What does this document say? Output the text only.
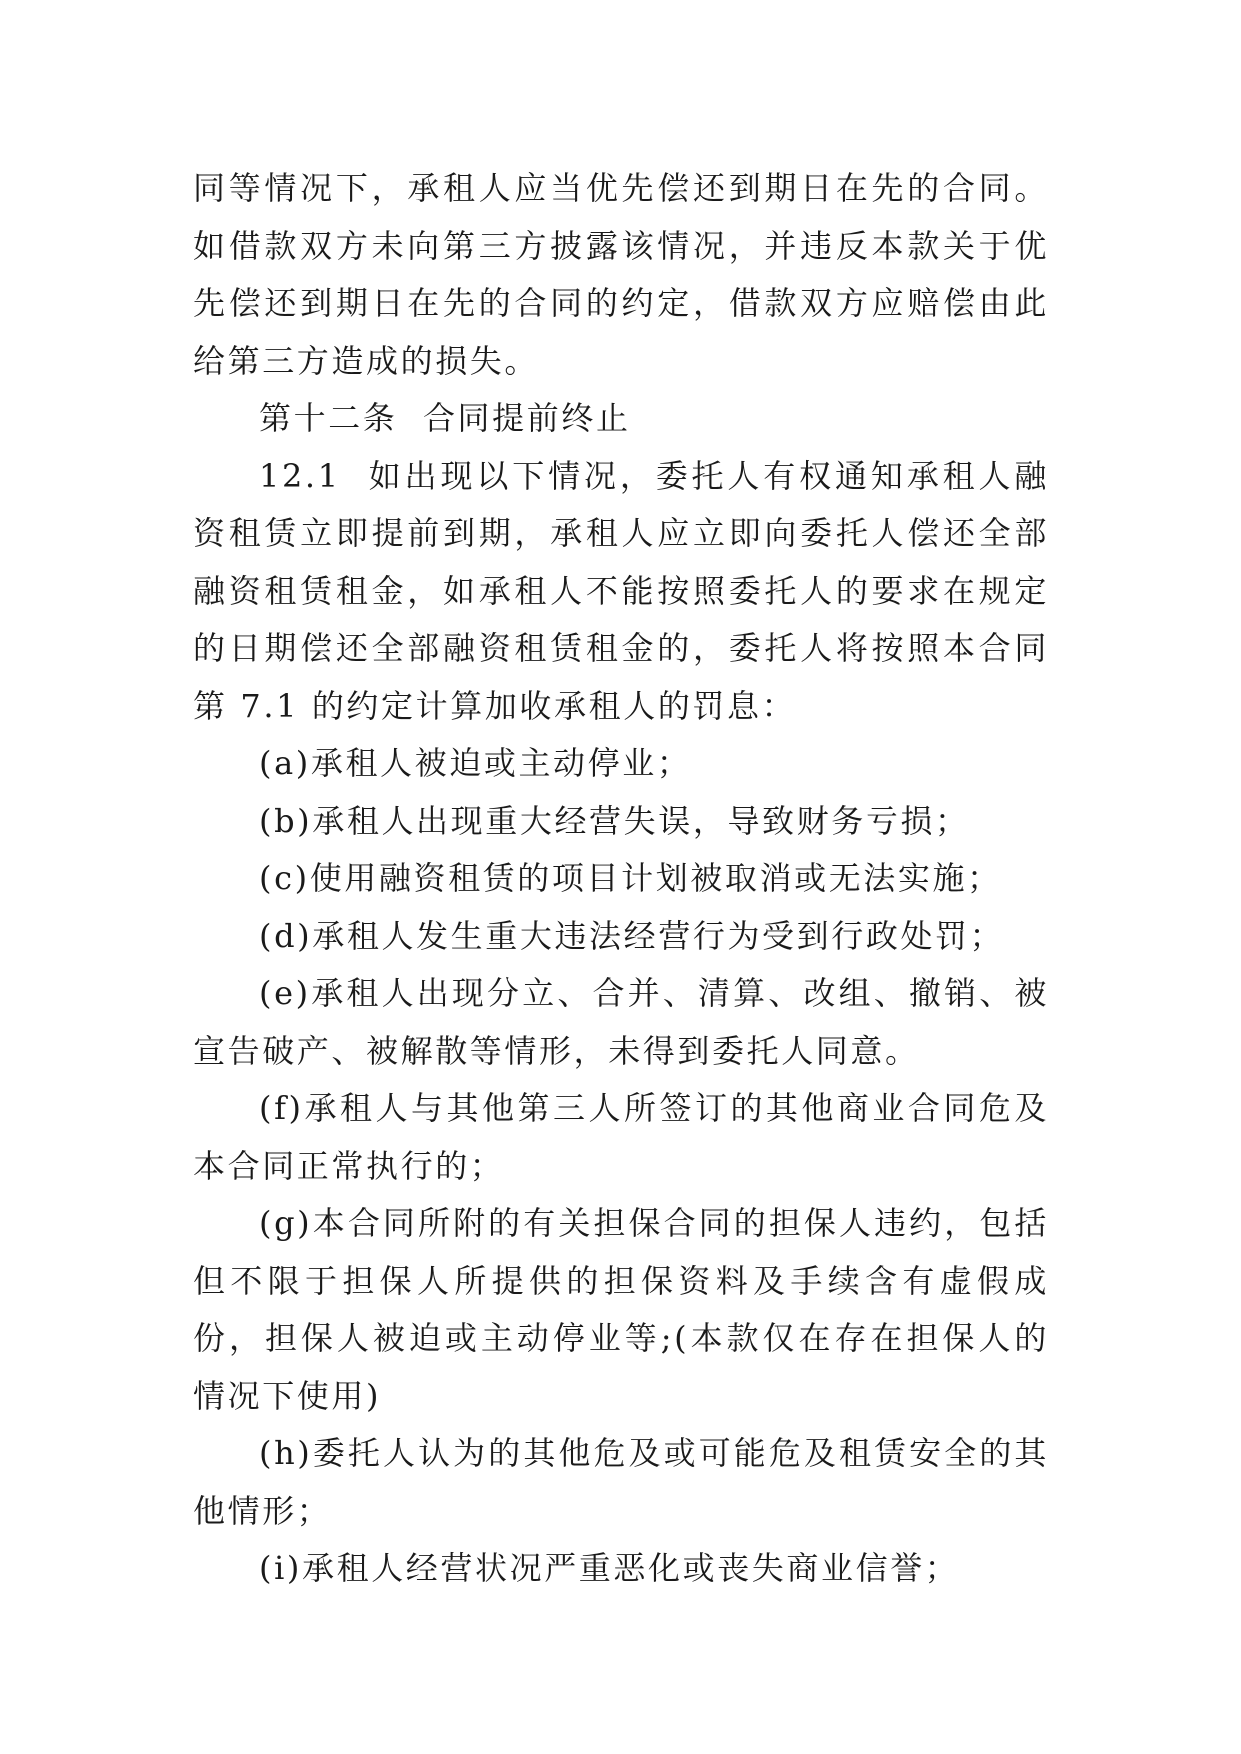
同等情况下，承租人应当优先偿还到期日在先的合同。如借款双方未向第三方披露该情况，并违反本款关于优先偿还到期日在先的合同的约定，借款双方应赔偿由此给第三方造成的损失。

第十二条  合同提前终止

12.1  如出现以下情况，委托人有权通知承租人融资租赁立即提前到期，承租人应立即向委托人偿还全部融资租赁租金，如承租人不能按照委托人的要求在规定的日期偿还全部融资租赁租金的，委托人将按照本合同第 7.1 的约定计算加收承租人的罚息：

(a)承租人被迫或主动停业；

(b)承租人出现重大经营失误，导致财务亏损；

(c)使用融资租赁的项目计划被取消或无法实施；

(d)承租人发生重大违法经营行为受到行政处罚；

(e)承租人出现分立、合并、清算、改组、撤销、被宣告破产、被解散等情形，未得到委托人同意。

(f)承租人与其他第三人所签订的其他商业合同危及本合同正常执行的；

(g)本合同所附的有关担保合同的担保人违约，包括但不限于担保人所提供的担保资料及手续含有虚假成份，担保人被迫或主动停业等;(本款仅在存在担保人的情况下使用)

(h)委托人认为的其他危及或可能危及租赁安全的其他情形；

(i)承租人经营状况严重恶化或丧失商业信誉；
